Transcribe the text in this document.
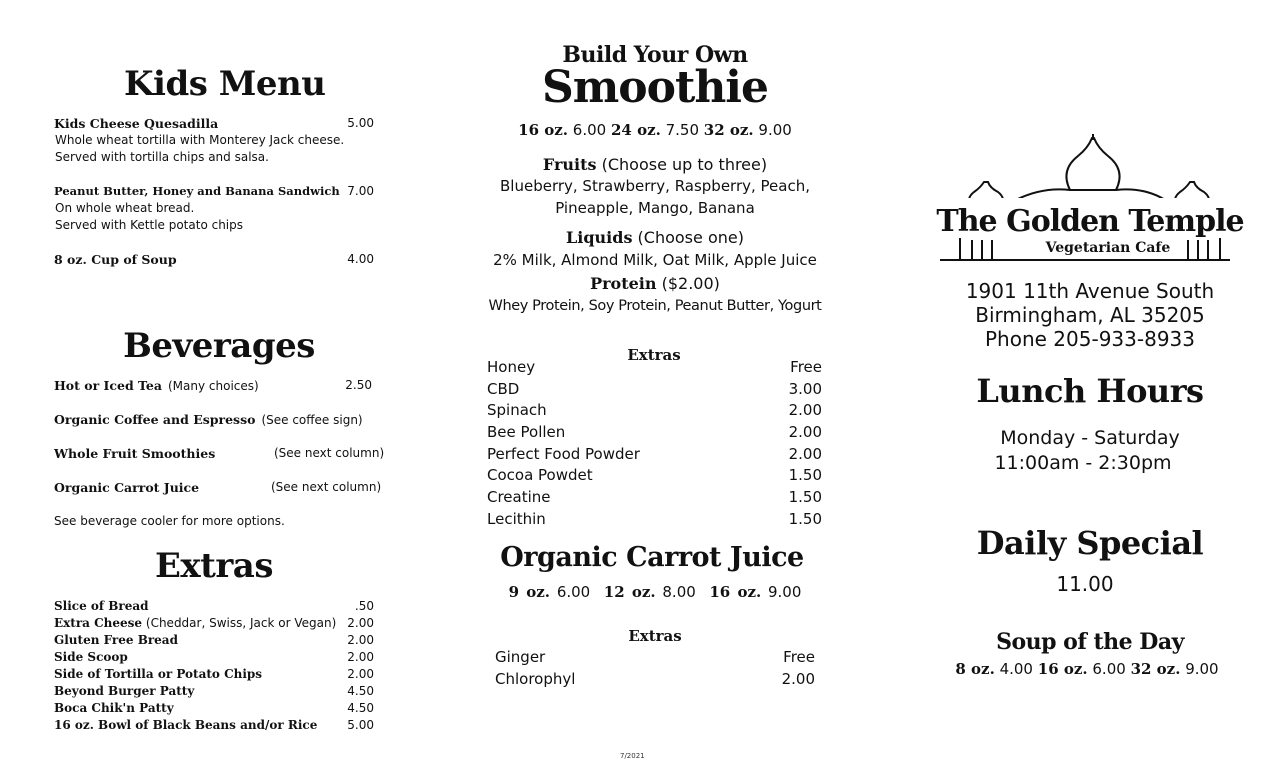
Kids Menu
Kids Cheese Quesadilla	5.00
Whole wheat tortilla with Monterey Jack cheese.
Served with tortilla chips and salsa.
Peanut Butter, Honey and Banana Sandwich 7.00
On whole wheat bread.
Served with Kettle potato chips
8 oz. Cup of Soup	4.00
Beverages
Hot or Iced Tea (Many choices)	2.50
Organic Coffee and Espresso (See coffee sign)
Whole Fruit Smoothies	(See next column)
Organic Carrot Juice	(See next column)
See beverage cooler for more options.
Extras
Slice of Bread	.50
Extra Cheese (Cheddar, Swiss, Jack or Vegan) 2.00
Gluten Free Bread	2.00
Side Scoop	2.00
Side of Tortilla or Potato Chips	2.00
Beyond Burger Patty	4.50
Boca Chik'n Patty	4.50
16 oz. Bowl of Black Beans and/or Rice 5.00
Build Your Own
Smoothie
16 oz. 6.00 24 oz. 7.50 32 oz. 9.00
Fruits (Choose up to three)
Blueberry, Strawberry, Raspberry, Peach,
Pineapple, Mango, Banana
Liquids (Choose one)
2% Milk, Almond Milk, Oat Milk, Apple Juice
Protein ($2.00)
Whey Protein, Soy Protein, Peanut Butter, Yogurt
Extras
Honey	Free
CBD	3.00
Spinach	2.00
Bee Pollen	2.00
Perfect Food Powder	2.00
Cocoa Powdet	1.50
Creatine	1.50
Lecithin	1.50
Organic Carrot Juice
9 oz. 6.00 12 oz. 8.00 16 oz. 9.00
Extras
Ginger	Free
Chlorophyl	2.00
The Golden Temple
Vegetarian Cafe
1901 11th Avenue South
Birmingham, AL 35205
Phone 205-933-8933
Lunch Hours
Monday - Saturday
11:00am - 2:30pm
Daily Special
11.00
Soup of the Day
8 oz. 4.00 16 oz. 6.00 32 oz. 9.00
7/2021
